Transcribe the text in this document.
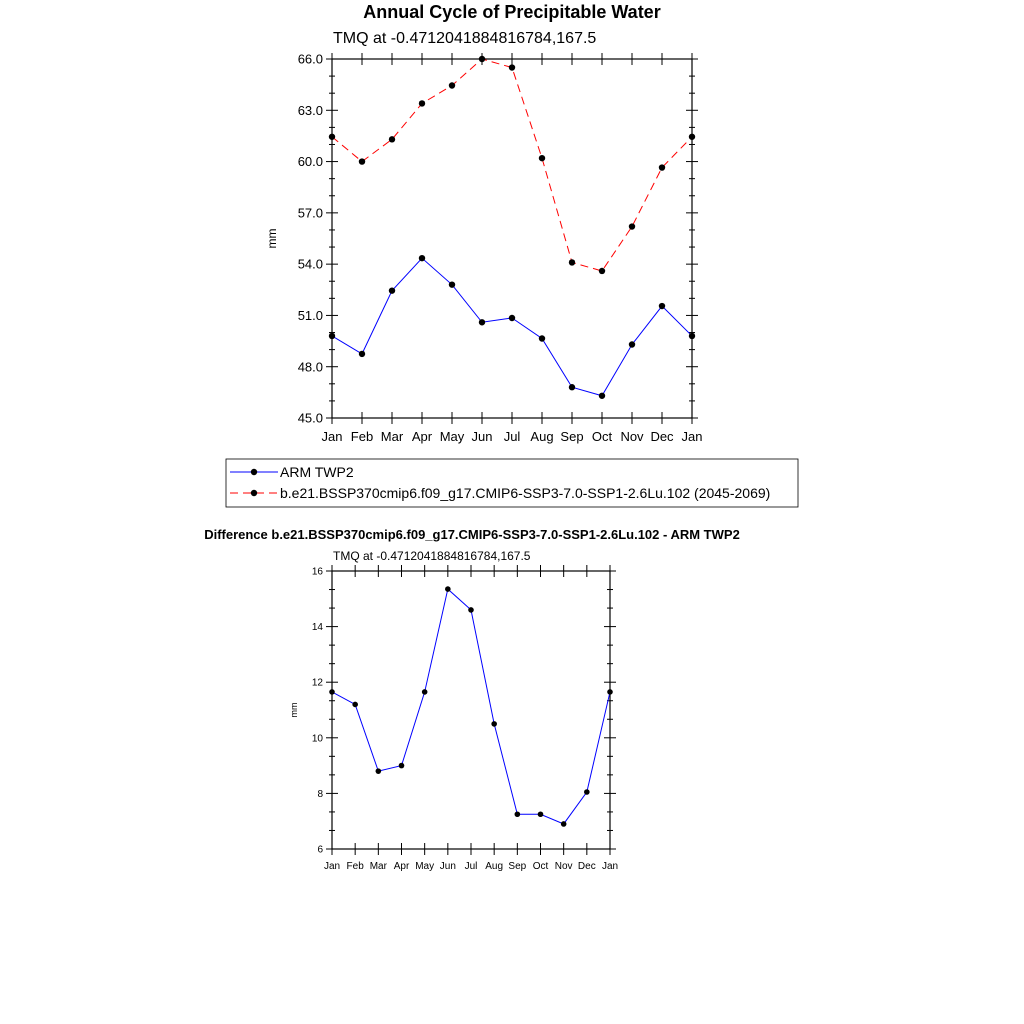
Annual Cycle of Precipitable Water
TMQ at -0.4712041884816784,167.5
Difference b.e21.BSSP370cmip6.f09_g17.CMIP6-SSP3-7.0-SSP1-2.6Lu.102 - ARM TWP2
TMQ at -0.4712041884816784,167.5
45.0
48.0
51.0
54.0
57.0
60.0
63.0
66.0
Jan Feb Mar Apr May Jun Jul Aug Sep Oct Nov Dec Jan
mm
ARM TWP2
b.e21.BSSP370cmip6.f09_g17.CMIP6-SSP3-7.0-SSP1-2.6Lu.102 (2045-2069)
6
8
10
12
14
16
Jan Feb Mar Apr May Jun Jul Aug Sep Oct Nov Dec Jan
mm
